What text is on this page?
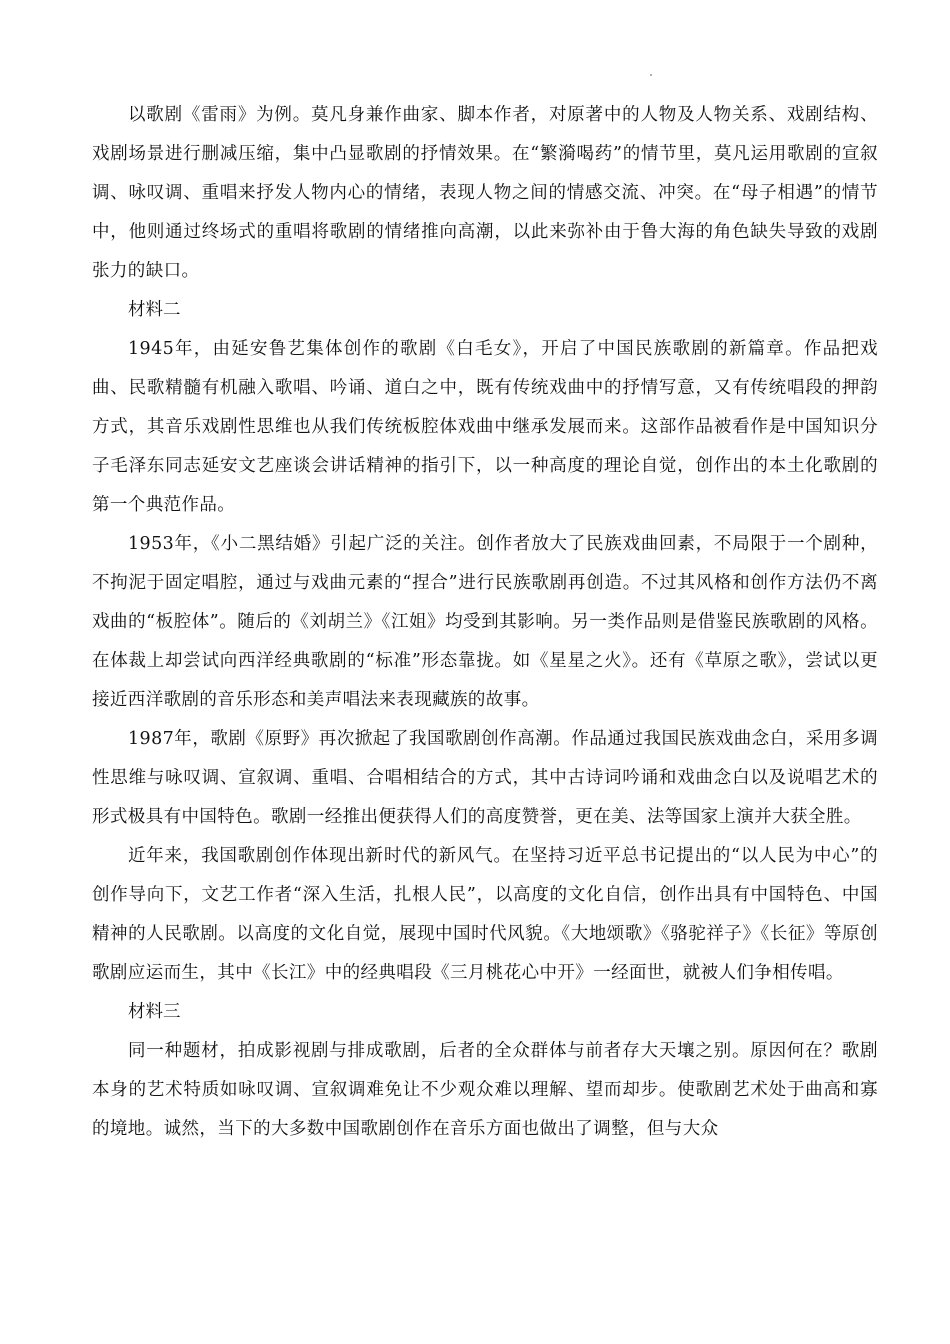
以歌剧《雷雨》为例。莫凡身兼作曲家、脚本作者，对原著中的人物及人物关系、戏剧结构、戏剧场景进行删减压缩，集中凸显歌剧的抒情效果。在“繁漪喝药”的情节里，莫凡运用歌剧的宣叙调、咏叹调、重唱来抒发人物内心的情绪，表现人物之间的情感交流、冲突。在“母子相遇”的情节中，他则通过终场式的重唱将歌剧的情绪推向高潮，以此来弥补由于鲁大海的角色缺失导致的戏剧张力的缺口。

材料二

1945年，由延安鲁艺集体创作的歌剧《白毛女》，开启了中国民族歌剧的新篇章。作品把戏曲、民歌精髓有机融入歌唱、吟诵、道白之中，既有传统戏曲中的抒情写意，又有传统唱段的押韵方式，其音乐戏剧性思维也从我们传统板腔体戏曲中继承发展而来。这部作品被看作是中国知识分子毛泽东同志延安文艺座谈会讲话精神的指引下，以一种高度的理论自觉，创作出的本土化歌剧的第一个典范作品。

1953年，《小二黑结婚》引起广泛的关注。创作者放大了民族戏曲回素，不局限于一个剧种，不拘泥于固定唱腔，通过与戏曲元素的“捏合”进行民族歌剧再创造。不过其风格和创作方法仍不离戏曲的“板腔体”。随后的《刘胡兰》《江姐》均受到其影响。另一类作品则是借鉴民族歌剧的风格。在体裁上却尝试向西洋经典歌剧的“标准”形态靠拢。如《星星之火》。还有《草原之歌》，尝试以更接近西洋歌剧的音乐形态和美声唱法来表现藏族的故事。

1987年，歌剧《原野》再次掀起了我国歌剧创作高潮。作品通过我国民族戏曲念白，采用多调性思维与咏叹调、宣叙调、重唱、合唱相结合的方式，其中古诗词吟诵和戏曲念白以及说唱艺术的形式极具有中国特色。歌剧一经推出便获得人们的高度赞誉，更在美、法等国家上演并大获全胜。

近年来，我国歌剧创作体现出新时代的新风气。在坚持习近平总书记提出的“以人民为中心”的创作导向下，文艺工作者“深入生活，扎根人民”，以高度的文化自信，创作出具有中国特色、中国精神的人民歌剧。以高度的文化自觉，展现中国时代风貌。《大地颂歌》《骆驼祥子》《长征》等原创歌剧应运而生，其中《长江》中的经典唱段《三月桃花心中开》一经面世，就被人们争相传唱。

材料三

同一种题材，拍成影视剧与排成歌剧，后者的全众群体与前者存大天壤之别。原因何在？歌剧本身的艺术特质如咏叹调、宣叙调难免让不少观众难以理解、望而却步。使歌剧艺术处于曲高和寡的境地。诚然，当下的大多数中国歌剧创作在音乐方面也做出了调整，但与大众
